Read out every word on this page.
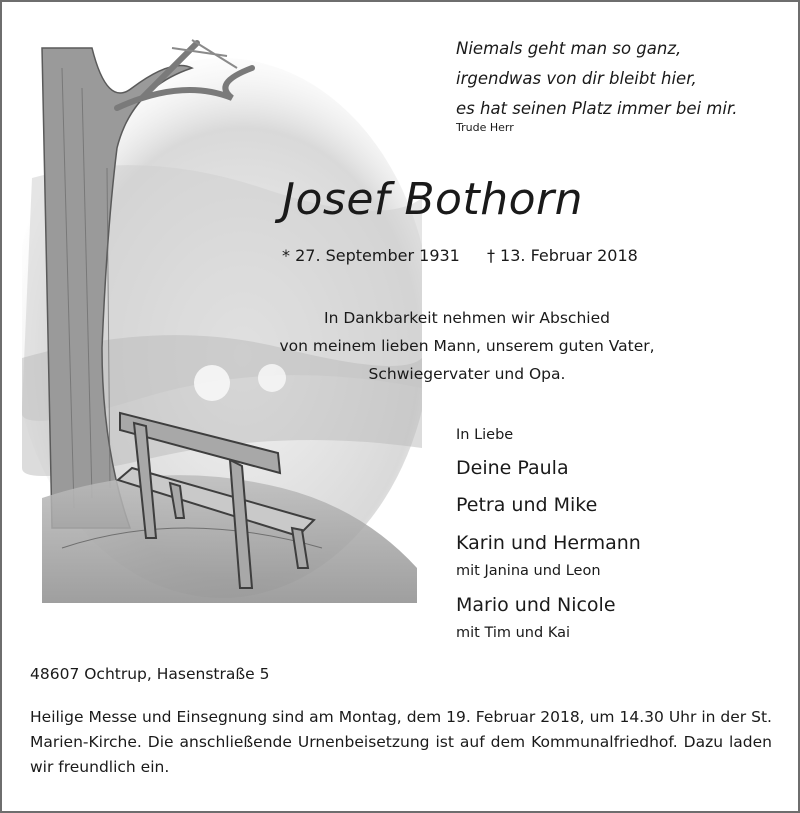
Niemals geht man so ganz,
irgendwas von dir bleibt hier,
es hat seinen Platz immer bei mir.
Trude Herr
Josef Bothorn
* 27. September 1931 † 13. Februar 2018
In Dankbarkeit nehmen wir Abschied
von meinem lieben Mann, unserem guten Vater,
Schwiegervater und Opa.
In Liebe
Deine Paula
Petra und Mike
Karin und Hermann
mit Janina und Leon
Mario und Nicole
mit Tim und Kai
48607 Ochtrup, Hasenstraße 5
Heilige Messe und Einsegnung sind am Montag, dem 19. Februar 2018, um 14.30 Uhr in der St. Marien-Kirche. Die anschließende Urnenbeisetzung ist auf dem Kommunalfriedhof. Dazu laden wir freundlich ein.
